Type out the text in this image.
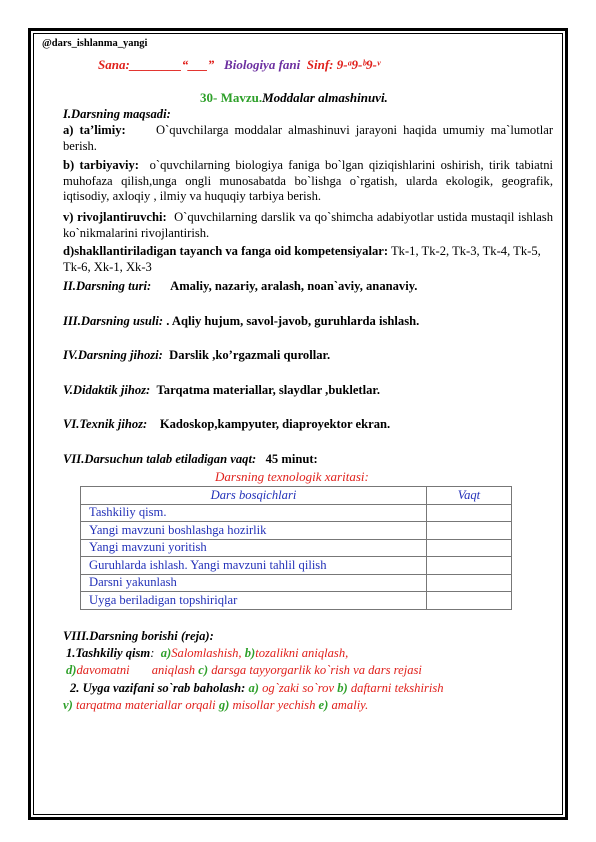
@dars_ishlanma_yangi
Sana:________“___” Biologiya fani Sinf: 9-ᵃ9-ᵇ9-ᵛ
30- Mavzu.Moddalar almashinuvi.
I.Darsning maqsadi:
a) ta’limiy: O`quvchilarga moddalar almashinuvi jarayoni haqida umumiy ma`lumotlar berish.
b) tarbiyaviy: o`quvchilarning biologiya faniga bo`lgan qiziqishlarini oshirish, tirik tabiatni muhofaza qilish,unga ongli munosabatda bo`lishga o`rgatish, ularda ekologik, geografik, iqtisodiy, axloqiy , ilmiy va huquqiy tarbiya berish.
v) rivojlantiruvchi: O`quvchilarning darslik va qo`shimcha adabiyotlar ustida mustaqil ishlash ko`nikmalarini rivojlantirish.
d)shakllantiriladigan tayanch va fanga oid kompetensiyalar: Tk-1, Tk-2, Tk-3, Tk-4, Tk-5, Tk-6, Xk-1, Xk-3
II.Darsning turi: Amaliy, nazariy, aralash, noan`aviy, ananaviy.
III.Darsning usuli: . Aqliy hujum, savol-javob, guruhlarda ishlash.
IV.Darsning jihozi: Darslik ,ko’rgazmali qurollar.
V.Didaktik jihoz: Tarqatma materiallar, slaydlar ,bukletlar.
VI.Texnik jihoz: Kadoskop,kampyuter, diaproyektor ekran.
VII.Darsuchun talab etiladigan vaqt: 45 minut:
Darsning texnologik xaritasi:
Dars bosqichlari	Vaqt
Tashkiliy qism.	
Yangi mavzuni boshlashga hozirlik	
Yangi mavzuni yoritish	
Guruhlarda ishlash. Yangi mavzuni tahlil qilish	
Darsni yakunlash	
Uyga beriladigan topshiriqlar	
VIII.Darsning borishi (reja):
1.Tashkiliy qism:  a)Salomlashish, b)tozalikni aniqlash,
d)davomatni       aniqlash c) darsga tayyorgarlik ko`rish va dars rejasi
2. Uyga vazifani so`rab baholash: a) og`zaki so`rov b) daftarni tekshirish
v) tarqatma materiallar orqali g) misollar yechish e) amaliy.
